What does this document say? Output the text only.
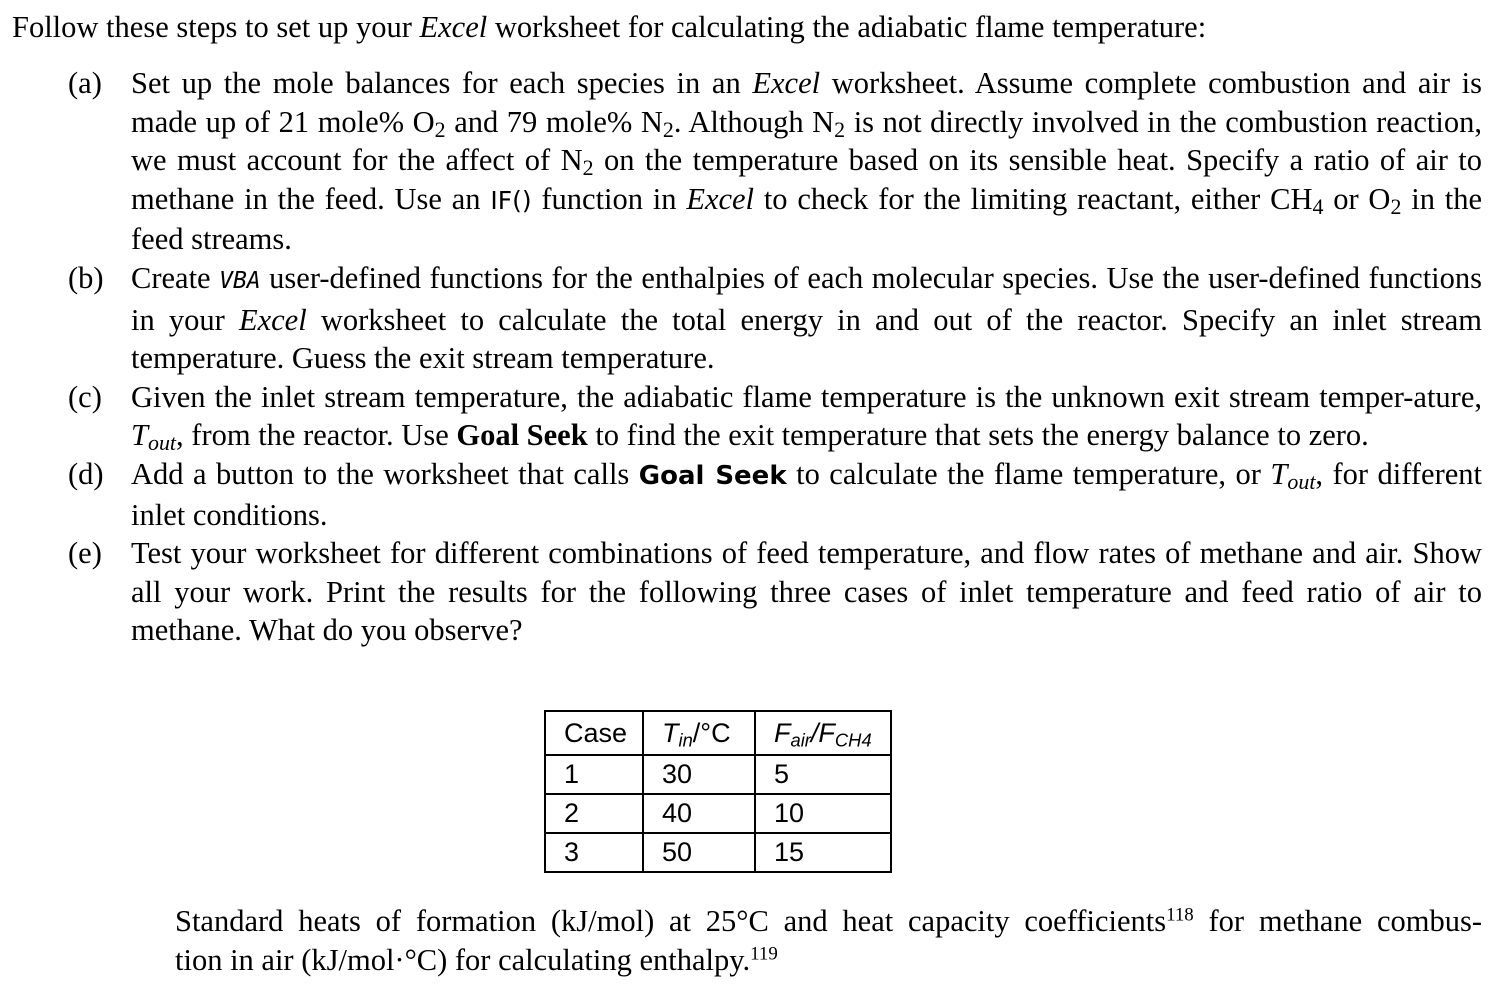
Follow these steps to set up your Excel worksheet for calculating the adiabatic flame temperature:
(a) Set up the mole balances for each species in an Excel worksheet. Assume complete combustion and air is made up of 21 mole% $O_2$ and 79 mole% $N_2$. Although $N_2$ is not directly involved in the combustion reaction, we must account for the affect of $N_2$ on the temperature based on its sensible heat. Specify a ratio of air to methane in the feed. Use an IF() function in Excel to check for the limiting reactant, either $CH_4$ or $O_2$ in the feed streams.
(b) Create VBA user-defined functions for the enthalpies of each molecular species. Use the user-defined functions in your Excel worksheet to calculate the total energy in and out of the reactor. Specify an inlet stream temperature. Guess the exit stream temperature.
(c) Given the inlet stream temperature, the adiabatic flame temperature is the unknown exit stream temper-ature, $T_{out}$, from the reactor. Use Goal Seek to find the exit temperature that sets the energy balance to zero.
(d) Add a button to the worksheet that calls Goal Seek to calculate the flame temperature, or $T_{out}$, for different inlet conditions.
(e) Test your worksheet for different combinations of feed temperature, and flow rates of methane and air. Show all your work. Print the results for the following three cases of inlet temperature and feed ratio of air to methane. What do you observe?
Case	Tin/°C	Fair/FCH4
1	30	5
2	40	10
3	50	15
Standard heats of formation (kJ/mol) at 25°C and heat capacity coefficients$^{118}$ for methane combus-
tion in air (kJ/mol·°C) for calculating enthalpy.$^{119}$
